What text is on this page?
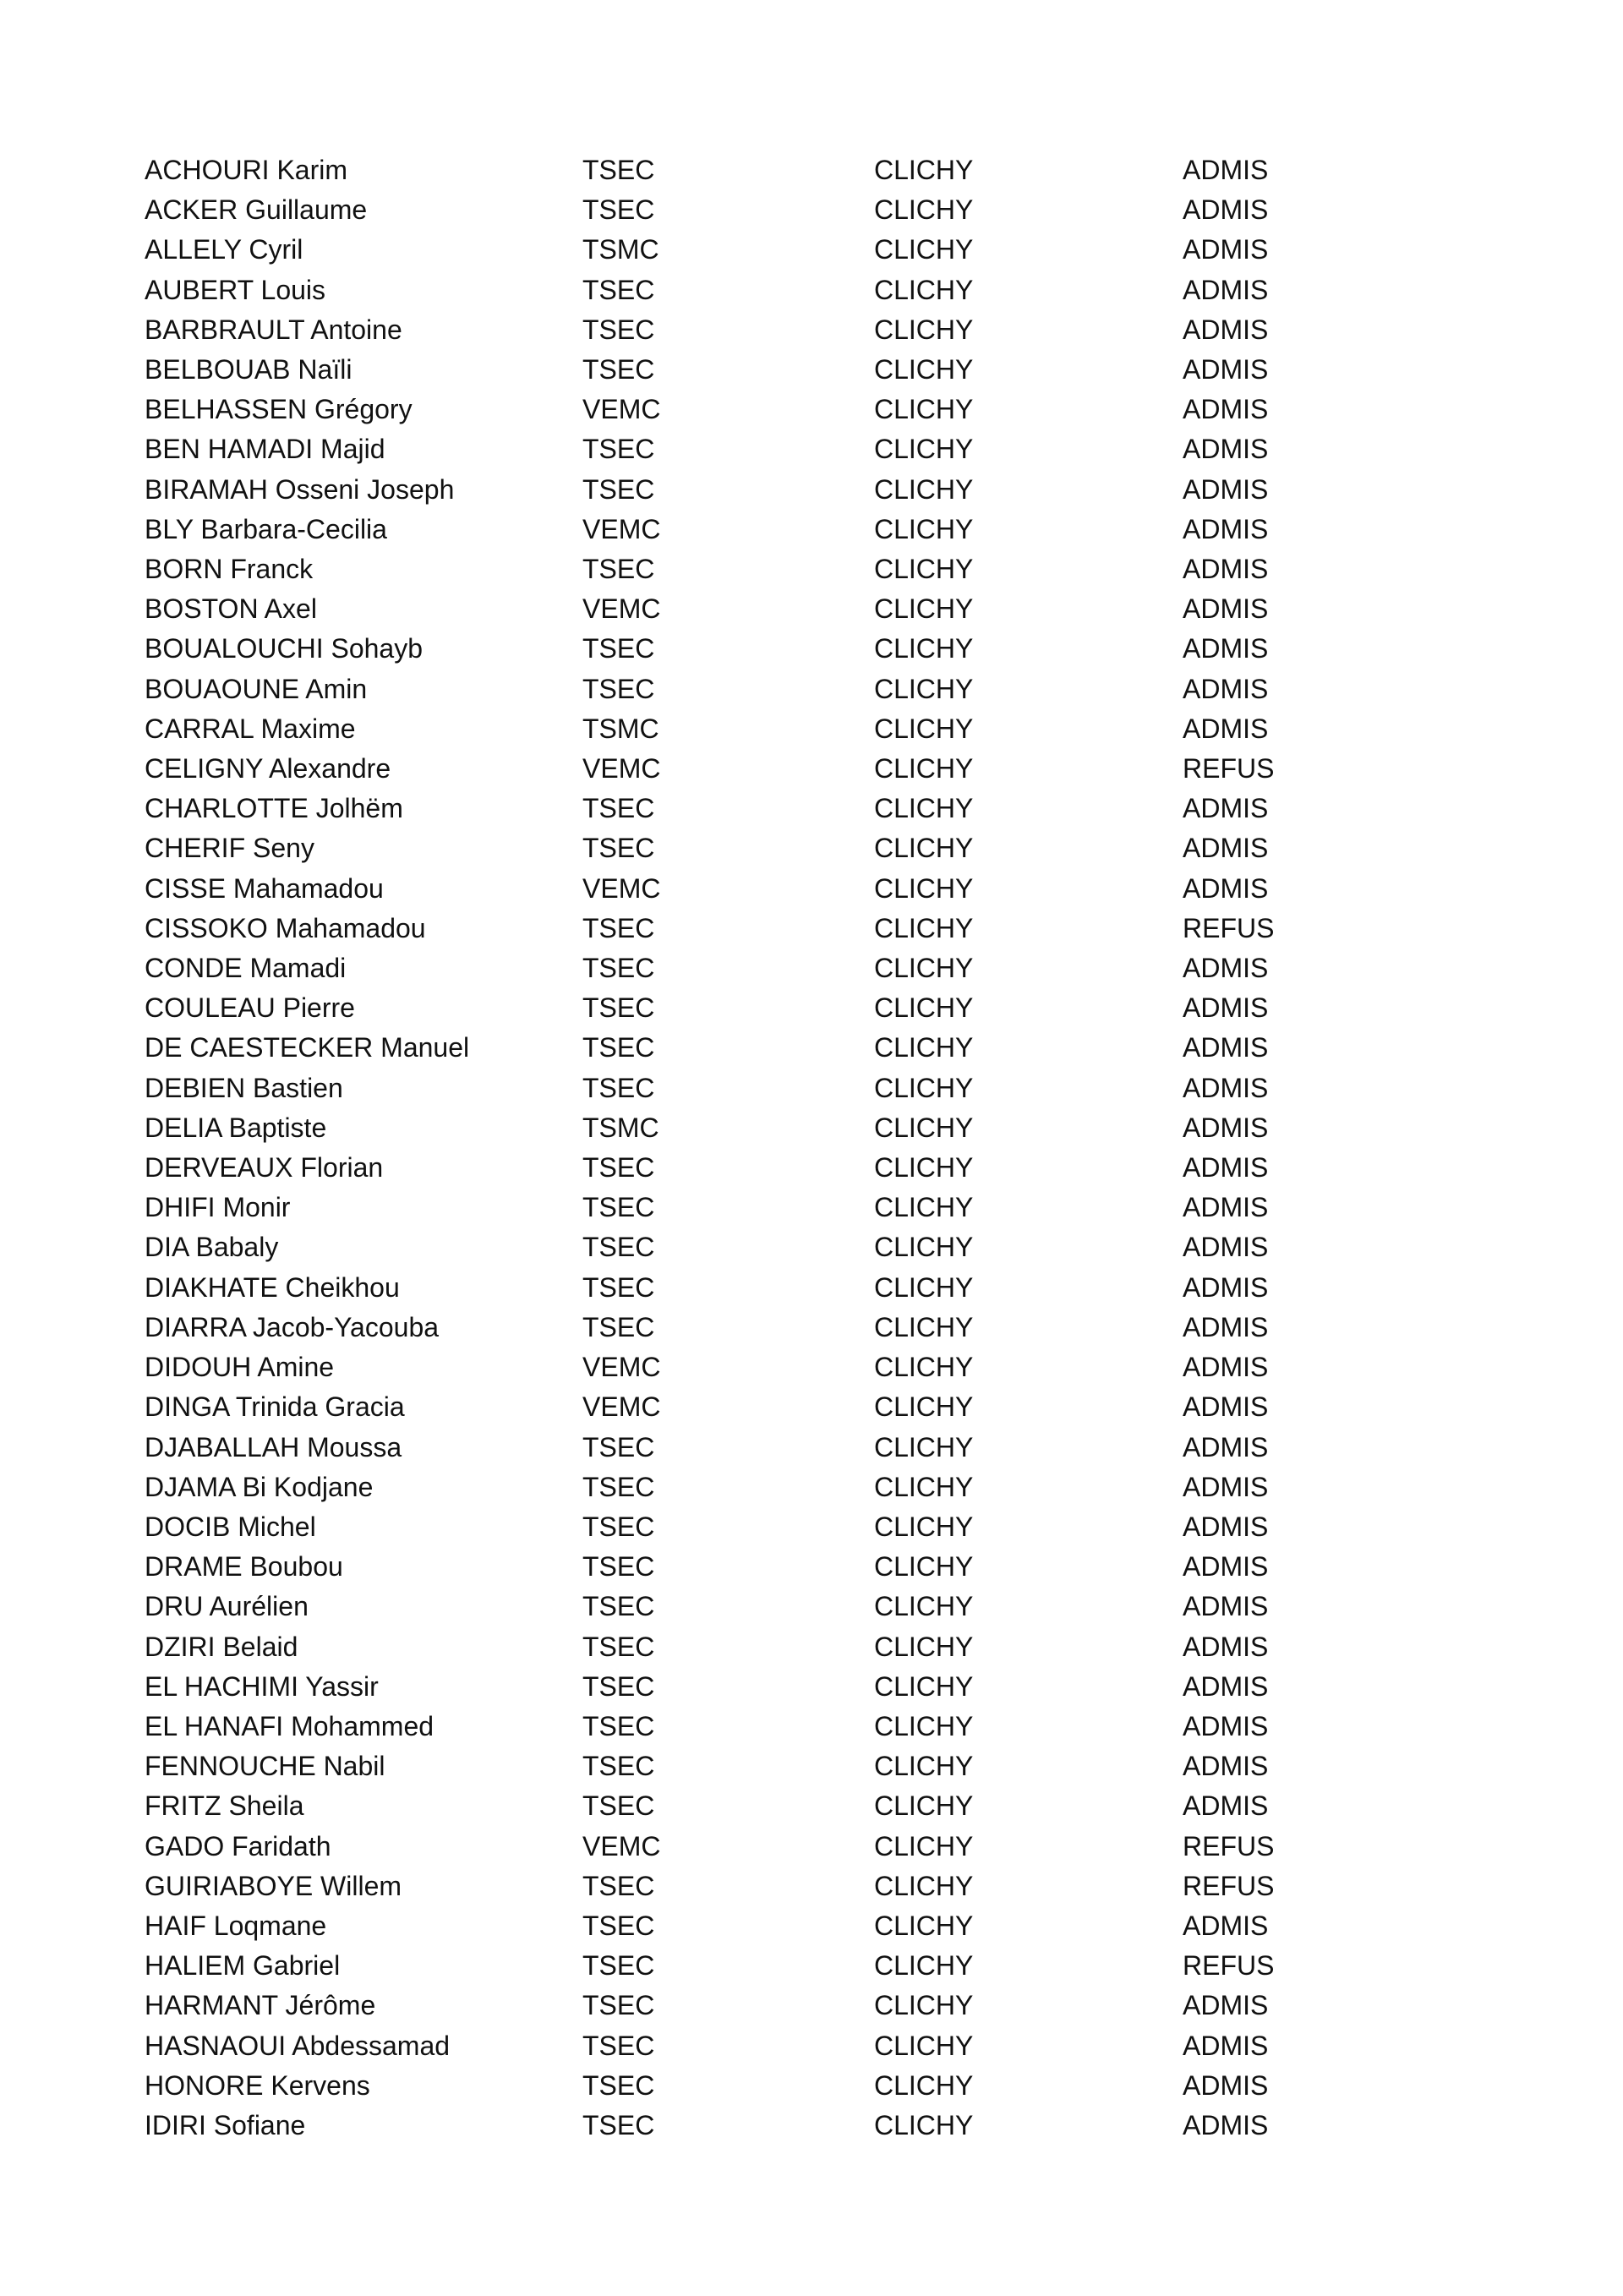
ACHOURI Karim	TSEC	CLICHY	ADMIS
ACKER Guillaume	TSEC	CLICHY	ADMIS
ALLELY Cyril	TSMC	CLICHY	ADMIS
AUBERT Louis	TSEC	CLICHY	ADMIS
BARBRAULT Antoine	TSEC	CLICHY	ADMIS
BELBOUAB Naïli	TSEC	CLICHY	ADMIS
BELHASSEN Grégory	VEMC	CLICHY	ADMIS
BEN HAMADI Majid	TSEC	CLICHY	ADMIS
BIRAMAH Osseni Joseph	TSEC	CLICHY	ADMIS
BLY Barbara-Cecilia	VEMC	CLICHY	ADMIS
BORN Franck	TSEC	CLICHY	ADMIS
BOSTON Axel	VEMC	CLICHY	ADMIS
BOUALOUCHI Sohayb	TSEC	CLICHY	ADMIS
BOUAOUNE Amin	TSEC	CLICHY	ADMIS
CARRAL Maxime	TSMC	CLICHY	ADMIS
CELIGNY Alexandre	VEMC	CLICHY	REFUS
CHARLOTTE Jolhëm	TSEC	CLICHY	ADMIS
CHERIF Seny	TSEC	CLICHY	ADMIS
CISSE Mahamadou	VEMC	CLICHY	ADMIS
CISSOKO Mahamadou	TSEC	CLICHY	REFUS
CONDE Mamadi	TSEC	CLICHY	ADMIS
COULEAU Pierre	TSEC	CLICHY	ADMIS
DE CAESTECKER Manuel	TSEC	CLICHY	ADMIS
DEBIEN Bastien	TSEC	CLICHY	ADMIS
DELIA Baptiste	TSMC	CLICHY	ADMIS
DERVEAUX Florian	TSEC	CLICHY	ADMIS
DHIFI Monir	TSEC	CLICHY	ADMIS
DIA Babaly	TSEC	CLICHY	ADMIS
DIAKHATE Cheikhou	TSEC	CLICHY	ADMIS
DIARRA Jacob-Yacouba	TSEC	CLICHY	ADMIS
DIDOUH Amine	VEMC	CLICHY	ADMIS
DINGA Trinida Gracia	VEMC	CLICHY	ADMIS
DJABALLAH Moussa	TSEC	CLICHY	ADMIS
DJAMA Bi Kodjane	TSEC	CLICHY	ADMIS
DOCIB Michel	TSEC	CLICHY	ADMIS
DRAME Boubou	TSEC	CLICHY	ADMIS
DRU Aurélien	TSEC	CLICHY	ADMIS
DZIRI Belaid	TSEC	CLICHY	ADMIS
EL HACHIMI Yassir	TSEC	CLICHY	ADMIS
EL HANAFI Mohammed	TSEC	CLICHY	ADMIS
FENNOUCHE Nabil	TSEC	CLICHY	ADMIS
FRITZ Sheila	TSEC	CLICHY	ADMIS
GADO Faridath	VEMC	CLICHY	REFUS
GUIRIABOYE Willem	TSEC	CLICHY	REFUS
HAIF Loqmane	TSEC	CLICHY	ADMIS
HALIEM Gabriel	TSEC	CLICHY	REFUS
HARMANT Jérôme	TSEC	CLICHY	ADMIS
HASNAOUI Abdessamad	TSEC	CLICHY	ADMIS
HONORE Kervens	TSEC	CLICHY	ADMIS
IDIRI Sofiane	TSEC	CLICHY	ADMIS
